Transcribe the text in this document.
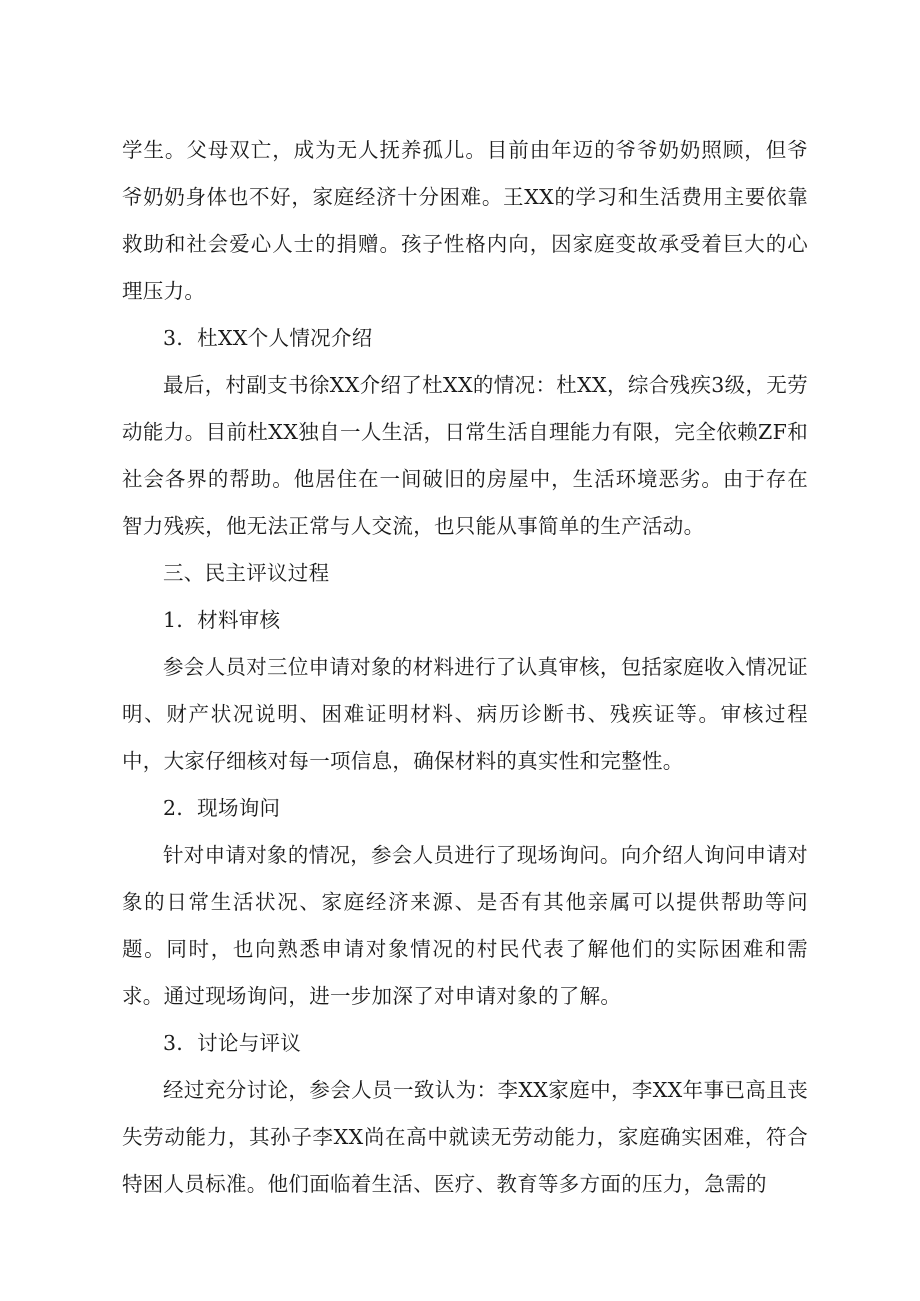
学生。父母双亡，成为无人抚养孤儿。目前由年迈的爷爷奶奶照顾，但爷爷奶奶身体也不好，家庭经济十分困难。王XX的学习和生活费用主要依靠救助和社会爱心人士的捐赠。孩子性格内向，因家庭变故承受着巨大的心理压力。

3．杜XX个人情况介绍

最后，村副支书徐XX介绍了杜XX的情况：杜XX，综合残疾3级，无劳动能力。目前杜XX独自一人生活，日常生活自理能力有限，完全依赖ZF和社会各界的帮助。他居住在一间破旧的房屋中，生活环境恶劣。由于存在智力残疾，他无法正常与人交流，也只能从事简单的生产活动。

三、民主评议过程

1．材料审核

参会人员对三位申请对象的材料进行了认真审核，包括家庭收入情况证明、财产状况说明、困难证明材料、病历诊断书、残疾证等。审核过程中，大家仔细核对每一项信息，确保材料的真实性和完整性。

2．现场询问

针对申请对象的情况，参会人员进行了现场询问。向介绍人询问申请对象的日常生活状况、家庭经济来源、是否有其他亲属可以提供帮助等问题。同时，也向熟悉申请对象情况的村民代表了解他们的实际困难和需求。通过现场询问，进一步加深了对申请对象的了解。

3．讨论与评议

经过充分讨论，参会人员一致认为：李XX家庭中，李XX年事已高且丧失劳动能力，其孙子李XX尚在高中就读无劳动能力，家庭确实困难，符合特困人员标准。他们面临着生活、医疗、教育等多方面的压力，急需的
